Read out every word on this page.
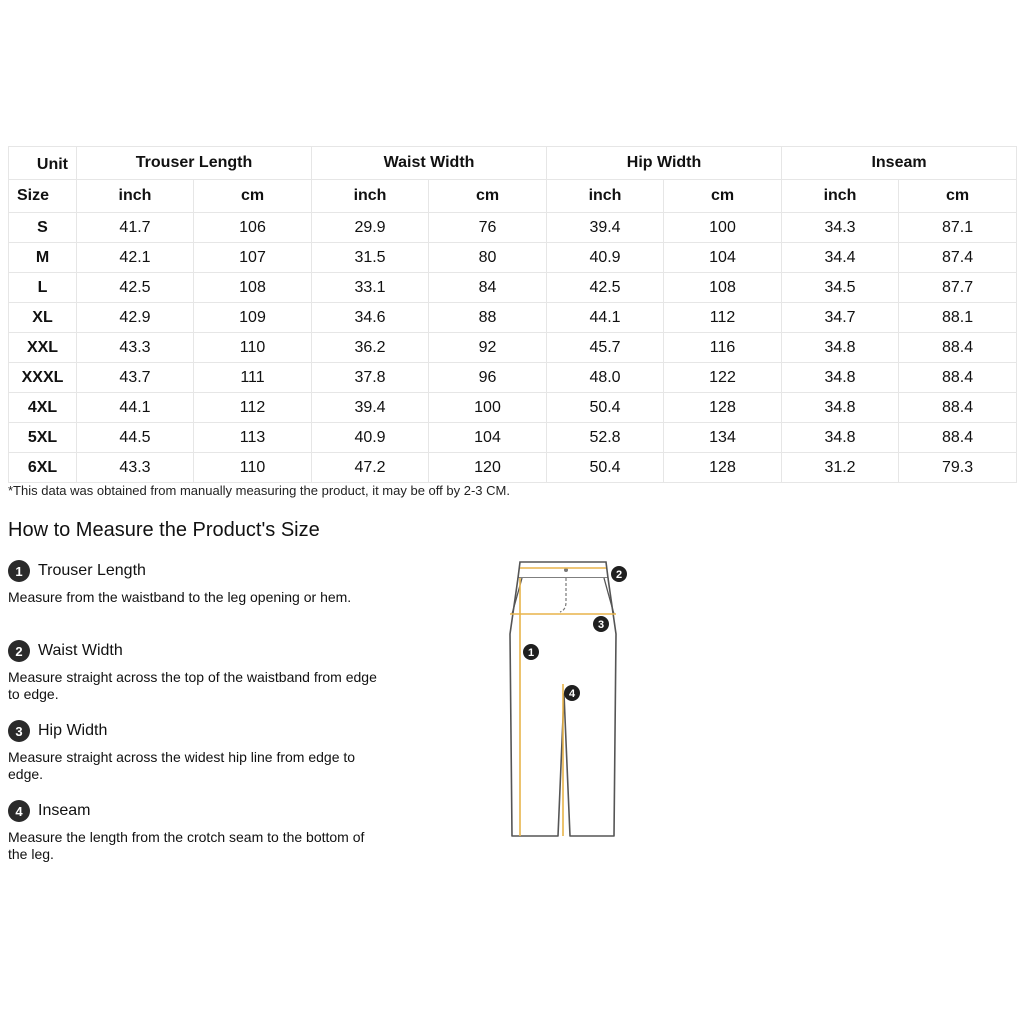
Unit	Trouser Length		Waist Width		Hip Width		Inseam	
Size	inch	cm	inch	cm	inch	cm	inch	cm
S	41.7	106	29.9	76	39.4	100	34.3	87.1
M	42.1	107	31.5	80	40.9	104	34.4	87.4
L	42.5	108	33.1	84	42.5	108	34.5	87.7
XL	42.9	109	34.6	88	44.1	112	34.7	88.1
XXL	43.3	110	36.2	92	45.7	116	34.8	88.4
XXXL	43.7	111	37.8	96	48.0	122	34.8	88.4
4XL	44.1	112	39.4	100	50.4	128	34.8	88.4
5XL	44.5	113	40.9	104	52.8	134	34.8	88.4
6XL	43.3	110	47.2	120	50.4	128	31.2	79.3
*This data was obtained from manually measuring the product, it may be off by 2-3 CM.
How to Measure the Product's Size
1 Trouser Length
Measure from the waistband to the leg opening or hem.
2 Waist Width
Measure straight across the top of the waistband from edge to edge.
3 Hip Width
Measure straight across the widest hip line from edge to edge.
4 Inseam
Measure the length from the crotch seam to the bottom of the leg.
1
2
3
4
